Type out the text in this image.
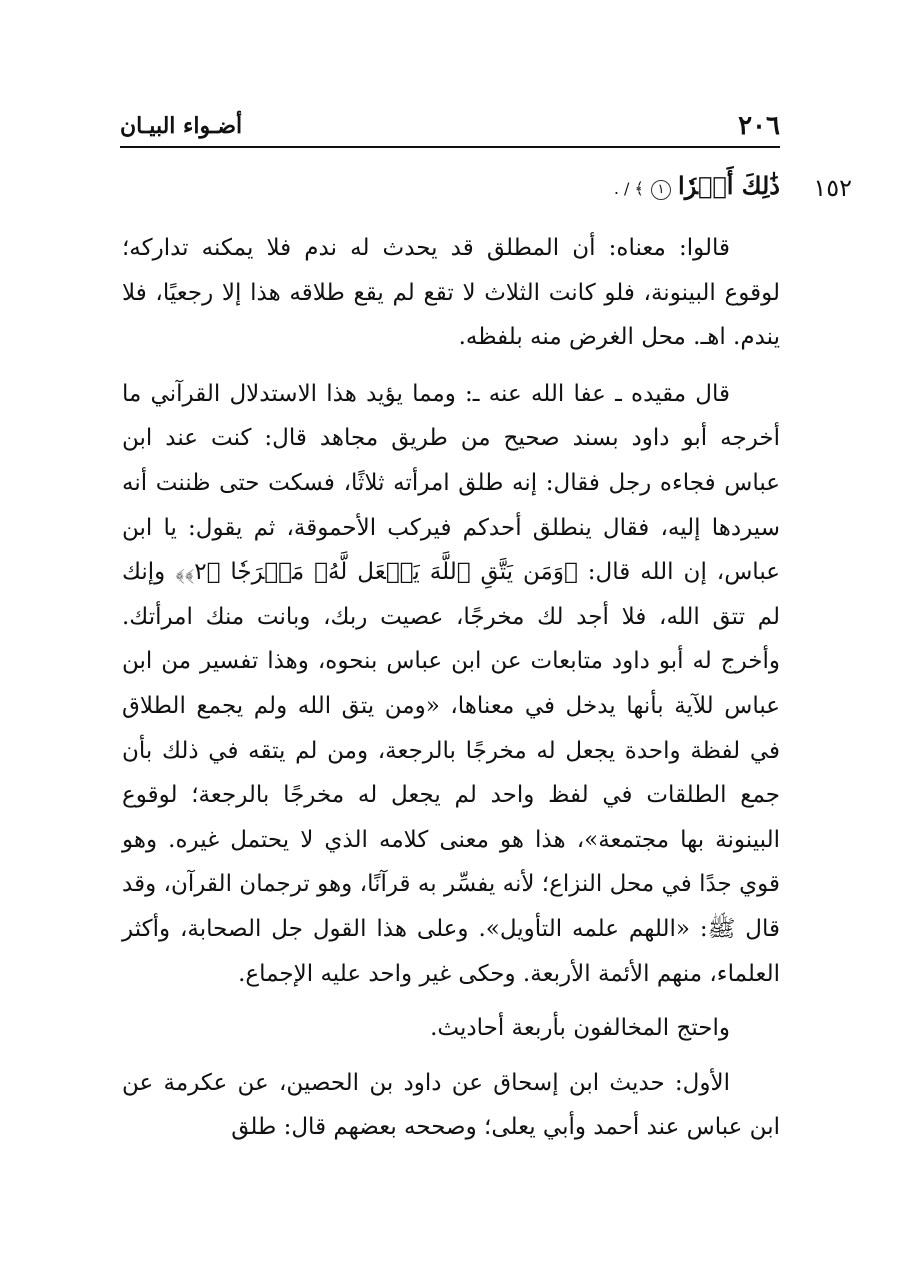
٢٠٦
أضـواء البيـان
١٥٢
ذَٰلِكَ أَمۡرٗا ١ ﴾ / .

قالوا: معناه: أن المطلق قد يحدث له ندم فلا يمكنه تداركه؛ لوقوع البينونة، فلو كانت الثلاث لا تقع لم يقع طلاقه هذا إلا رجعيًا، فلا يندم. اهـ. محل الغرض منه بلفظه.

قال مقيده ـ عفا الله عنه ـ: ومما يؤيد هذا الاستدلال القرآني ما أخرجه أبو داود بسند صحيح من طريق مجاهد قال: كنت عند ابن عباس فجاءه رجل فقال: إنه طلق امرأته ثلاثًا، فسكت حتى ظننت أنه سيردها إليه، فقال ينطلق أحدكم فيركب الأحموقة، ثم يقول: يا ابن عباس، إن الله قال: ﴿وَمَن يَتَّقِ ٱللَّهَ يَجۡعَل لَّهُۥ مَخۡرَجٗا ﴿٢﴾﴾ وإنك لم تتق الله، فلا أجد لك مخرجًا، عصيت ربك، وبانت منك امرأتك. وأخرج له أبو داود متابعات عن ابن عباس بنحوه، وهذا تفسير من ابن عباس للآية بأنها يدخل في معناها، «ومن يتق الله ولم يجمع الطلاق في لفظة واحدة يجعل له مخرجًا بالرجعة، ومن لم يتقه في ذلك بأن جمع الطلقات في لفظ واحد لم يجعل له مخرجًا بالرجعة؛ لوقوع البينونة بها مجتمعة»، هذا هو معنى كلامه الذي لا يحتمل غيره. وهو قوي جدًا في محل النزاع؛ لأنه يفسِّر به قرآنًا، وهو ترجمان القرآن، وقد قال ﷺ: «اللهم علمه التأويل». وعلى هذا القول جل الصحابة، وأكثر العلماء، منهم الأئمة الأربعة. وحكى غير واحد عليه الإجماع.

واحتج المخالفون بأربعة أحاديث.

الأول: حديث ابن إسحاق عن داود بن الحصين، عن عكرمة عن ابن عباس عند أحمد وأبي يعلى؛ وصححه بعضهم قال: طلق
